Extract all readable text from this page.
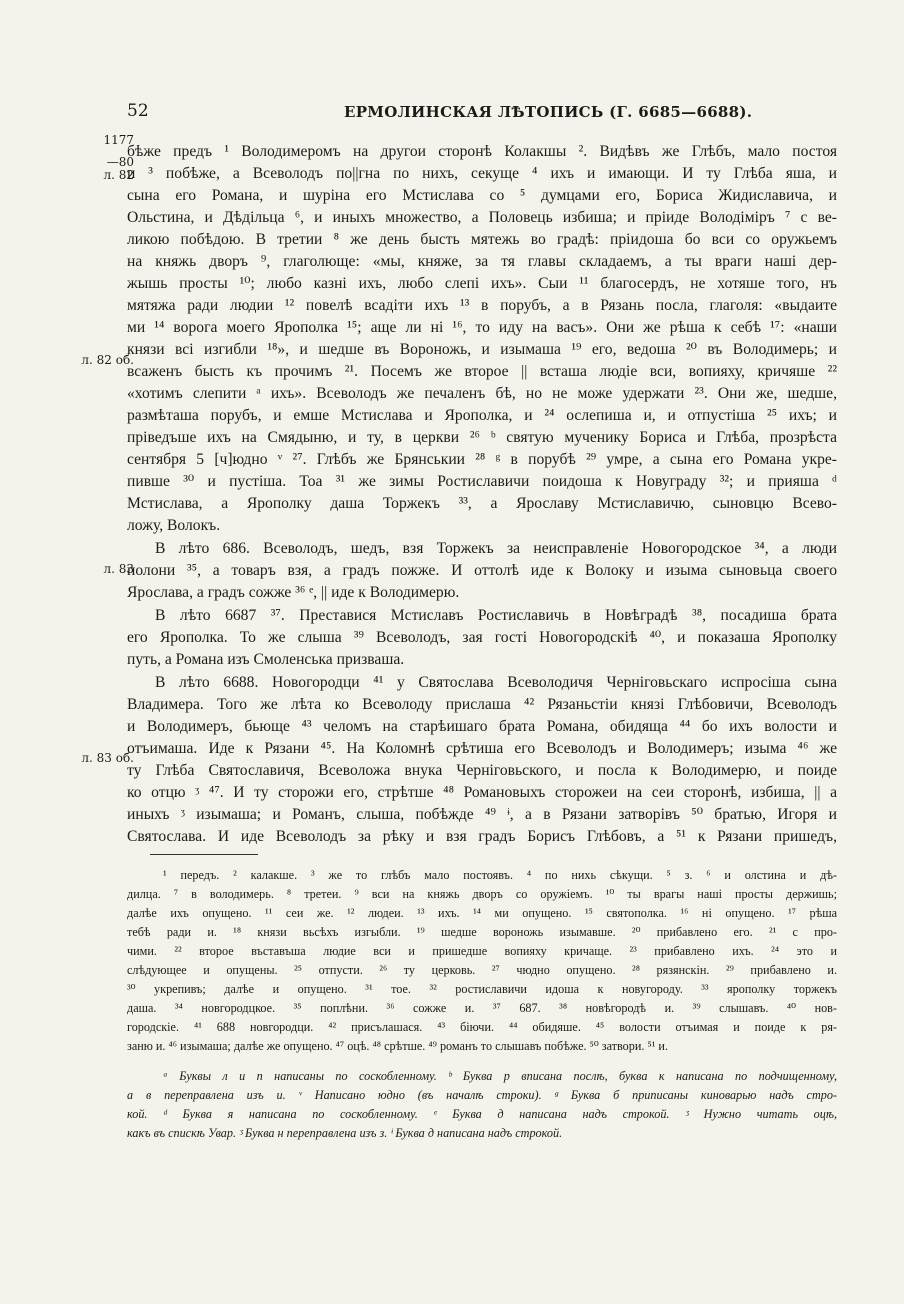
52	ЕРМОЛИНСКАЯ ЛѢТОПИСЬ (Г. 6685—6688).
1177
—80
л. 82
л. 82 об.
л. 83
л. 83 об.
бѣже предъ ¹ Володимеромъ на другои сторонѣ Колакшы ². Видѣвъ же Глѣбъ, мало постоя
и ³ побѣже, а Всеволодъ по||гна по нихъ, секуще ⁴ ихъ и имающи. И ту Глѣба яша, и
сына его Романа, и шуріна его Мстислава со ⁵ думцами его, Бориса Жидиславича, и
Ольстина, и Дѣдільца ⁶, и иныхъ множество, а Половець избиша; и пріиде Володіміръ ⁷ с ве-
ликою побѣдою. В третии ⁸ же день бысть мятежь во градѣ: пріидоша бо вси со оружьемъ
на княжь дворъ ⁹, глаголюще: «мы, княже, за тя главы складаемъ, а ты враги наші дер-
жышь просты ¹⁰; любо казні ихъ, любо слепі ихъ». Сыи ¹¹ благосердъ, не хотяше того, нъ
мятяжа ради людии ¹² повелѣ всадіти ихъ ¹³ в порубъ, а в Рязань посла, глаголя: «выдаите
ми ¹⁴ ворога моего Ярополка ¹⁵; аще ли ні ¹⁶, то иду на васъ». Они же рѣша к себѣ ¹⁷: «наши
князи всі изгибли ¹⁸», и шедше въ Вороножь, и изымаша ¹⁹ его, ведоша ²⁰ въ Володимерь; и
всаженъ бысть къ прочимъ ²¹. Посемъ же второе || всташа людіе вси, вопияху, кричяше ²²
«хотимъ слепити ᵃ ихъ». Всеволодъ же печаленъ бѣ, но не може удержати ²³. Они же, шедше,
размѣташа порубъ, и емше Мстислава и Ярополка, и ²⁴ ослепиша и, и отпустіша ²⁵ ихъ; и
пріведъше ихъ на Смядыню, и ту, в церкви ²⁶ ᵇ святую мученику Бориса и Глѣба, прозрѣста
сентября 5 [ч]юдно ᵛ ²⁷. Глѣбъ же Брянськии ²⁸ ᵍ в порубѣ ²⁹ умре, а сына его Романа укре-
пивше ³⁰ и пустіша. Тоа ³¹ же зимы Ростиславичи поидоша к Новуграду ³²; и прияша ᵈ
Мстислава, а Ярополку даша Торжекъ ³³, а Ярославу Мстиславичю, сыновцю Всево-
ложу, Волокъ.
В лѣто 686. Всеволодъ, шедъ, взя Торжекъ за неисправленіе Новогородское ³⁴, а люди
полони ³⁵, а товаръ взя, а градъ пожже. И оттолѣ иде к Волоку и изыма сыновьца своего
Ярослава, а градъ сожже ³⁶ ᵉ, || иде к Володимерю.
В лѣто 6687 ³⁷. Преставися Мстиславъ Ростиславичь в Новѣградѣ ³⁸, посадиша брата
его Ярополка. То же слыша ³⁹ Всеволодъ, зая гості Новогородскіѣ ⁴⁰, и показаша Ярополку
путь, а Романа изъ Смоленська призваша.
В лѣто 6688. Новогородци ⁴¹ у Святослава Всеволодичя Черніговьскаго испросіша сына
Владимера. Того же лѣта ко Всеволоду прислаша ⁴² Рязаньстіи князі Глѣбовичи, Всеволодъ
и Володимеръ, бьюще ⁴³ челомъ на старѣишаго брата Романа, обидяща ⁴⁴ бо ихъ волости и
отъимаша. Иде к Рязани ⁴⁵. На Коломнѣ срѣтиша его Всеволодъ и Володимеръ; изыма ⁴⁶ же
ту Глѣба Святославичя, Всеволожа внука Черніговьского, и посла к Володимерю, и поиде
ко отцю ᶾ ⁴⁷. И ту сторожи его, стрѣтше ⁴⁸ Романовыхъ сторожеи на сеи сторонѣ, избиша, || а
иныхъ ᶾ изымаша; и Романъ, слыша, побѣжде ⁴⁹ ᶤ, а в Рязани затворівъ ⁵⁰ братью, Игоря и
Святослава. И иде Всеволодъ за рѣку и взя градъ Борисъ Глѣбовъ, а ⁵¹ к Рязани пришедъ,
¹ передъ. ² калакше. ³ же то глѣбъ мало постоявъ. ⁴ по нихь сѣкущи. ⁵ з. ⁶ и олстина и дѣ-
дилца. ⁷ в володимерь. ⁸ третеи. ⁹ вси на княжь дворъ со оружіемъ. ¹⁰ ты врагы наші просты держишь;
далѣе ихъ опущено. ¹¹ сеи же. ¹² людеи. ¹³ ихъ. ¹⁴ ми опущено. ¹⁵ святополка. ¹⁶ ні опущено. ¹⁷ рѣша
тебѣ ради и. ¹⁸ князи вьсѣхъ изгыбли. ¹⁹ шедше вороножь изымавше. ²⁰ прибавлено его. ²¹ с про-
чими. ²² второе въставъша людие вси и пришедше вопияху кричаще. ²³ прибавлено ихъ. ²⁴ это и
слѣдующее и опущены. ²⁵ отпусти. ²⁶ ту церковь. ²⁷ чюдно опущено. ²⁸ рязянскін. ²⁹ прибавлено и.
³⁰ укрепивъ; далѣе и опущено. ³¹ тое. ³² ростиславичи идоша к новугороду. ³³ ярополку торжекъ
даша. ³⁴ новгородцкое. ³⁵ поплѣни. ³⁶ сожже и. ³⁷ 687. ³⁸ новѣгородѣ и. ³⁹ слышавъ. ⁴⁰ нов-
городскіе. ⁴¹ 688 новгородци. ⁴² присълашася. ⁴³ біючи. ⁴⁴ обидяше. ⁴⁵ волости отъимая и поиде к ря-
заню и. ⁴⁶ изымаша; далѣе же опущено. ⁴⁷ оцѣ. ⁴⁸ срѣтше. ⁴⁹ романъ то слышавъ побѣже. ⁵⁰ затвори. ⁵¹ и.
ᵃ Буквы л и п написаны по соскобленному. ᵇ Буква р вписана послѣ, буква к написана по подчищенному,
а в переправлена изъ и. ᵛ Написано юдно (въ началѣ строки). ᵍ Буква б приписаны киноварью надъ стро-
кой. ᵈ Буква я написана по соскобленному. ᵉ Буква д написана надъ строкой. ᶾ Нужно читать оцѣ,
какъ въ спискѣ Увар. ᶾ Буква н переправлена изъ з. ᶤ Буква д написана надъ строкой.
